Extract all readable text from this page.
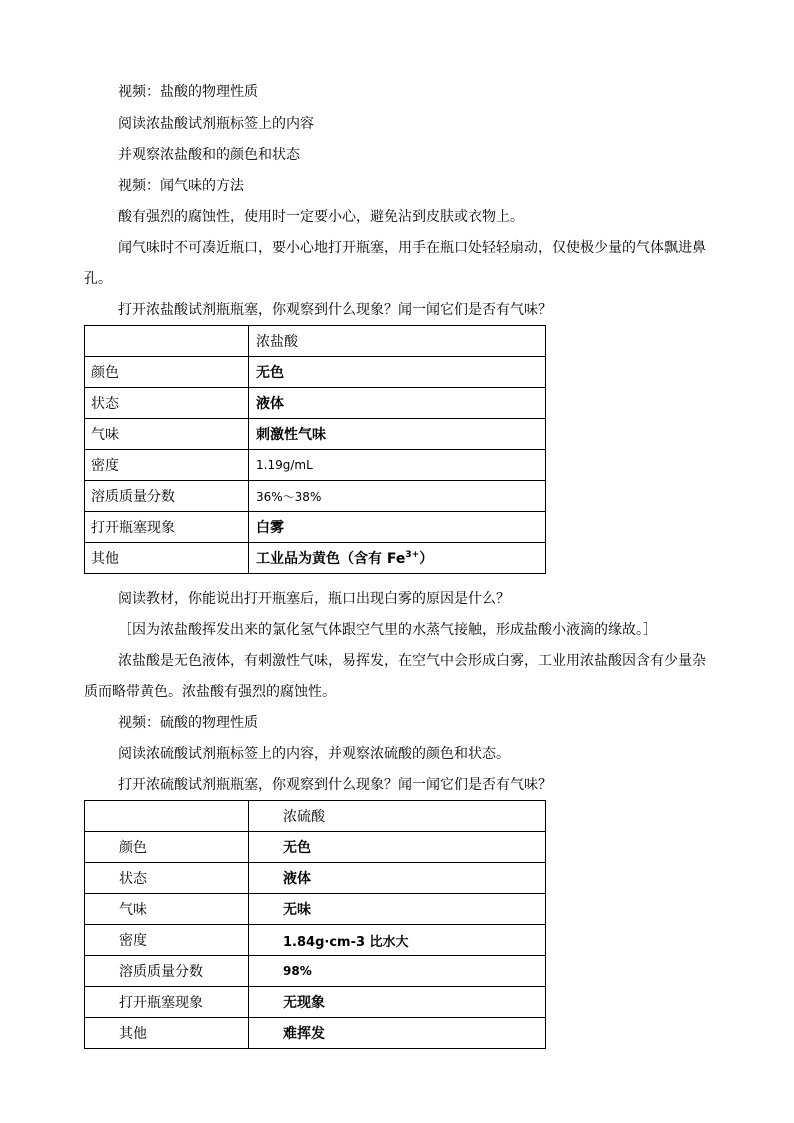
视频：盐酸的物理性质
阅读浓盐酸试剂瓶标签上的内容
并观察浓盐酸和的颜色和状态
视频：闻气味的方法
酸有强烈的腐蚀性，使用时一定要小心，避免沾到皮肤或衣物上。
闻气味时不可凑近瓶口，要小心地打开瓶塞，用手在瓶口处轻轻扇动，仅使极少量的气体飘进鼻
孔。
打开浓盐酸试剂瓶瓶塞，你观察到什么现象？闻一闻它们是否有气味？
	浓盐酸
颜色	无色
状态	液体
气味	刺激性气味
密度	1.19g/mL
溶质质量分数	36%～38%
打开瓶塞现象	白雾
其他	工业品为黄色（含有 $Fe^{3+}$）
阅读教材，你能说出打开瓶塞后，瓶口出现白雾的原因是什么？
［因为浓盐酸挥发出来的氯化氢气体跟空气里的水蒸气接触，形成盐酸小液滴的缘故。］
浓盐酸是无色液体，有刺激性气味，易挥发，在空气中会形成白雾，工业用浓盐酸因含有少量杂
质而略带黄色。浓盐酸有强烈的腐蚀性。
视频：硫酸的物理性质
阅读浓硫酸试剂瓶标签上的内容，并观察浓硫酸的颜色和状态。
打开浓硫酸试剂瓶瓶塞，你观察到什么现象？闻一闻它们是否有气味？
	浓硫酸
颜色	无色
状态	液体
气味	无味
密度	1.84g·cm-3 比水大
溶质质量分数	98%
打开瓶塞现象	无现象
其他	难挥发
